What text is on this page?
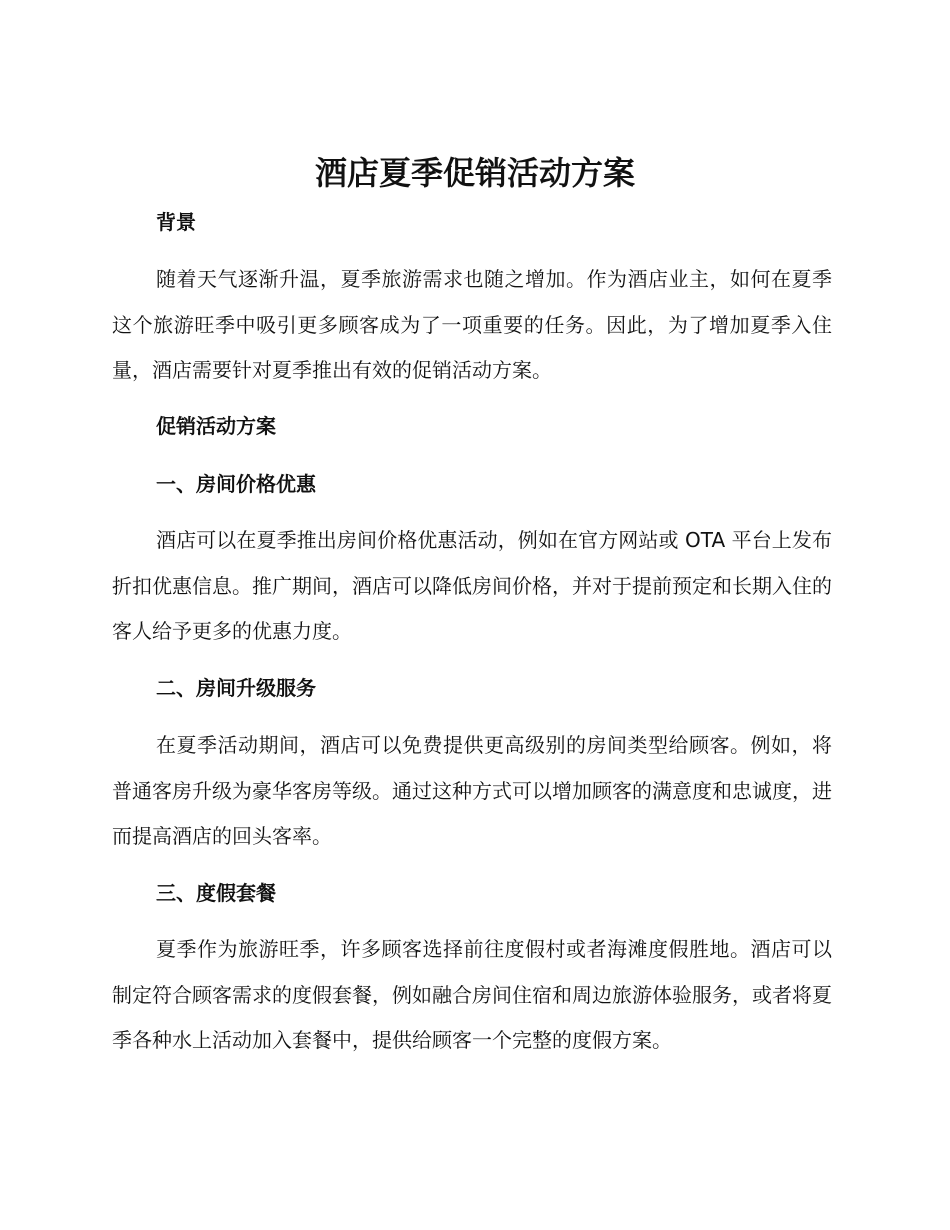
酒店夏季促销活动方案
背景

随着天气逐渐升温，夏季旅游需求也随之增加。作为酒店业主，如何在夏季这个旅游旺季中吸引更多顾客成为了一项重要的任务。因此，为了增加夏季入住量，酒店需要针对夏季推出有效的促销活动方案。

促销活动方案
一、房间价格优惠

酒店可以在夏季推出房间价格优惠活动，例如在官方网站或 OTA 平台上发布折扣优惠信息。推广期间，酒店可以降低房间价格，并对于提前预定和长期入住的客人给予更多的优惠力度。

二、房间升级服务

在夏季活动期间，酒店可以免费提供更高级别的房间类型给顾客。例如，将普通客房升级为豪华客房等级。通过这种方式可以增加顾客的满意度和忠诚度，进而提高酒店的回头客率。

三、度假套餐

夏季作为旅游旺季，许多顾客选择前往度假村或者海滩度假胜地。酒店可以制定符合顾客需求的度假套餐，例如融合房间住宿和周边旅游体验服务，或者将夏季各种水上活动加入套餐中，提供给顾客一个完整的度假方案。
